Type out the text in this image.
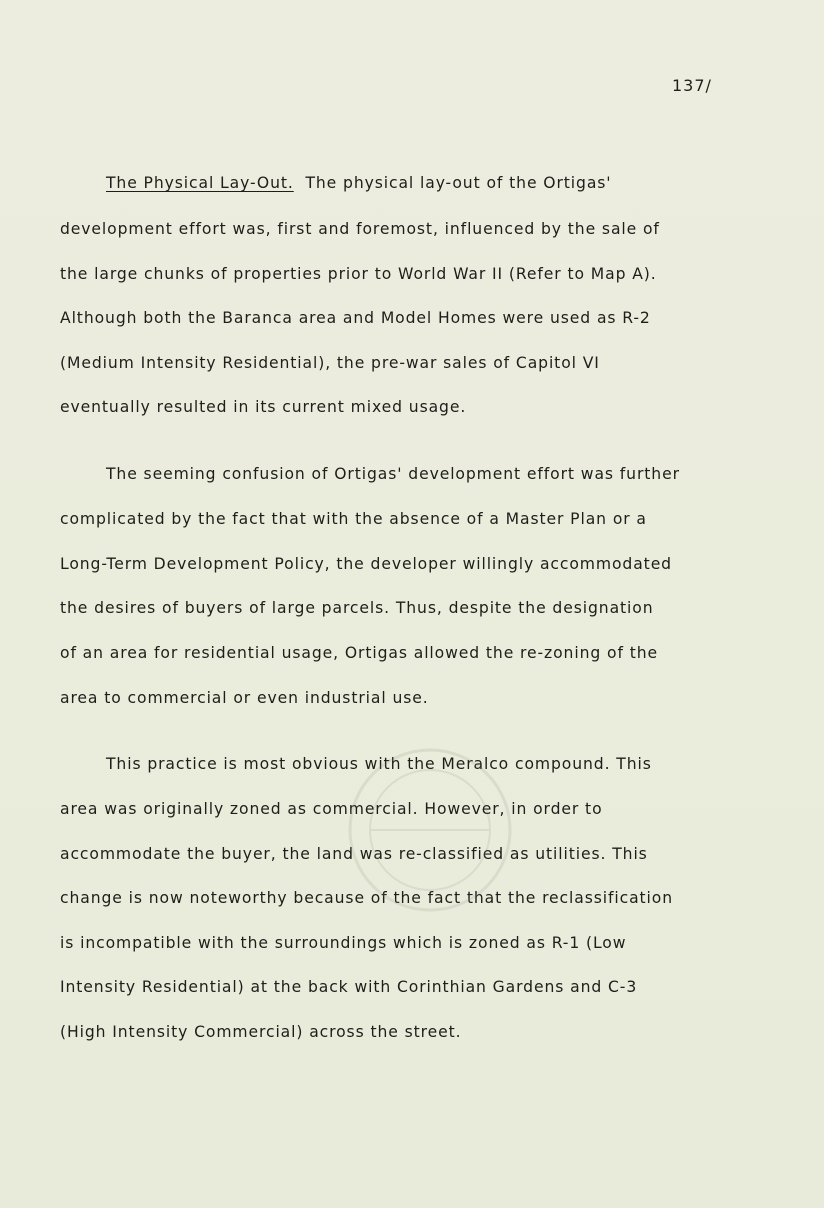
137/
The Physical Lay-Out. The physical lay-out of the Ortigas'
development effort was, first and foremost, influenced by the sale of
the large chunks of properties prior to World War II (Refer to Map A).
Although both the Baranca area and Model Homes were used as R-2
(Medium Intensity Residential), the pre-war sales of Capitol VI
eventually resulted in its current mixed usage.
The seeming confusion of Ortigas' development effort was further
complicated by the fact that with the absence of a Master Plan or a
Long-Term Development Policy, the developer willingly accommodated
the desires of buyers of large parcels. Thus, despite the designation
of an area for residential usage, Ortigas allowed the re-zoning of the
area to commercial or even industrial use.
This practice is most obvious with the Meralco compound. This
area was originally zoned as commercial. However, in order to
accommodate the buyer, the land was re-classified as utilities. This
change is now noteworthy because of the fact that the reclassification
is incompatible with the surroundings which is zoned as R-1 (Low
Intensity Residential) at the back with Corinthian Gardens and C-3
(High Intensity Commercial) across the street.
